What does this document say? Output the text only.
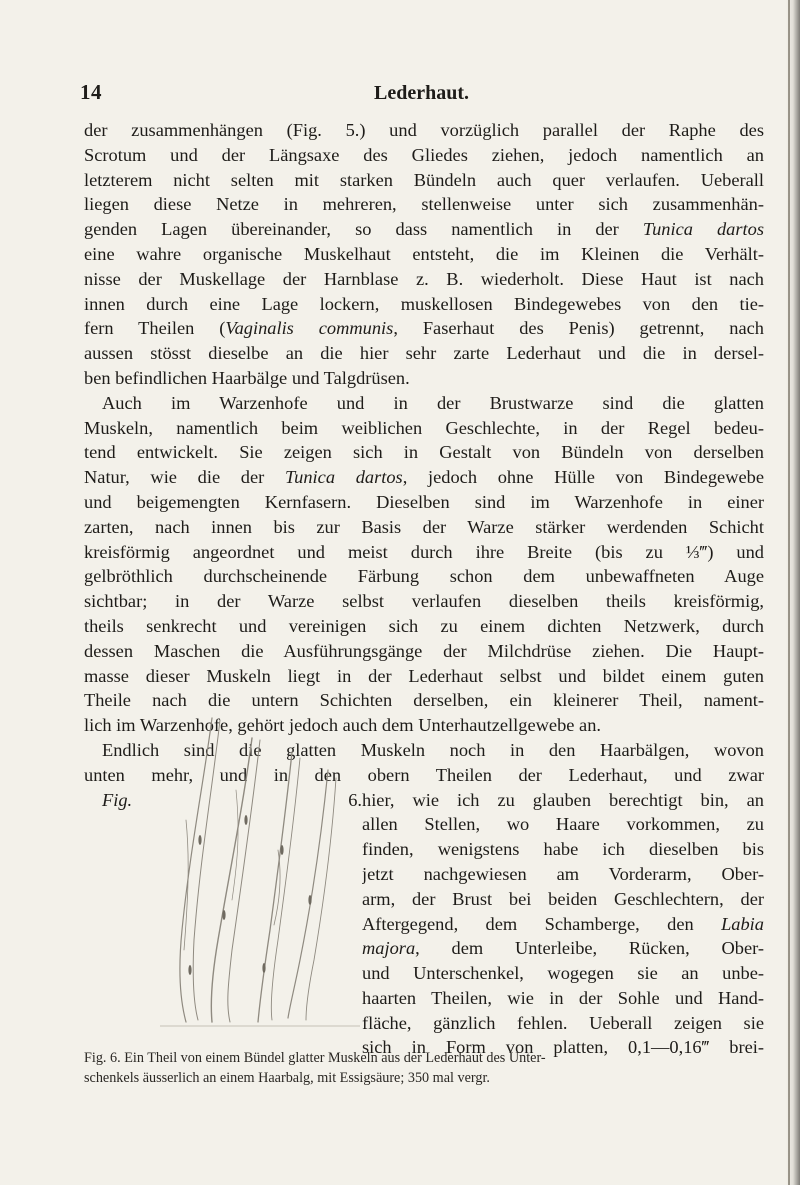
14	Lederhaut.
der zusammenhängen (Fig. 5.) und vorzüglich parallel der Raphe des
Scrotum und der Längsaxe des Gliedes ziehen, jedoch namentlich an
letzterem nicht selten mit starken Bündeln auch quer verlaufen. Ueberall
liegen diese Netze in mehreren, stellenweise unter sich zusammenhän-
genden Lagen übereinander, so dass namentlich in der Tunica dartos
eine wahre organische Muskelhaut entsteht, die im Kleinen die Verhält-
nisse der Muskellage der Harnblase z. B. wiederholt. Diese Haut ist nach
innen durch eine Lage lockern, muskellosen Bindegewebes von den tie-
fern Theilen (Vaginalis communis, Faserhaut des Penis) getrennt, nach
aussen stösst dieselbe an die hier sehr zarte Lederhaut und die in dersel-
ben befindlichen Haarbälge und Talgdrüsen.
Auch im Warzenhofe und in der Brustwarze sind die glatten
Muskeln, namentlich beim weiblichen Geschlechte, in der Regel bedeu-
tend entwickelt. Sie zeigen sich in Gestalt von Bündeln von derselben
Natur, wie die der Tunica dartos, jedoch ohne Hülle von Bindegewebe
und beigemengten Kernfasern. Dieselben sind im Warzenhofe in einer
zarten, nach innen bis zur Basis der Warze stärker werdenden Schicht
kreisförmig angeordnet und meist durch ihre Breite (bis zu ⅓‴) und
gelbröthlich durchscheinende Färbung schon dem unbewaffneten Auge
sichtbar; in der Warze selbst verlaufen dieselben theils kreisförmig,
theils senkrecht und vereinigen sich zu einem dichten Netzwerk, durch
dessen Maschen die Ausführungsgänge der Milchdrüse ziehen. Die Haupt-
masse dieser Muskeln liegt in der Lederhaut selbst und bildet einem guten
Theile nach die untern Schichten derselben, ein kleinerer Theil, nament-
lich im Warzenhofe, gehört jedoch auch dem Unterhautzellgewebe an.
Endlich sind die glatten Muskeln noch in den Haarbälgen, wovon
unten mehr, und in den obern Theilen der Lederhaut, und zwar
Fig.	6. hier, wie ich zu glauben berechtigt bin, an
allen Stellen, wo Haare vorkommen, zu
finden, wenigstens habe ich dieselben bis
jetzt nachgewiesen am Vorderarm, Ober-
arm, der Brust bei beiden Geschlechtern, der
Aftergegend, dem Schamberge, den Labia
majora, dem Unterleibe, Rücken, Ober-
und Unterschenkel, wogegen sie an unbe-
haarten Theilen, wie in der Sohle und Hand-
fläche, gänzlich fehlen. Ueberall zeigen sie
sich in Form von platten, 0,1—0,16‴ brei-
Fig. 6. Ein Theil von einem Bündel glatter Muskeln aus der Lederhaut des Unter-
schenkels äusserlich an einem Haarbalg, mit Essigsäure; 350 mal vergr.
